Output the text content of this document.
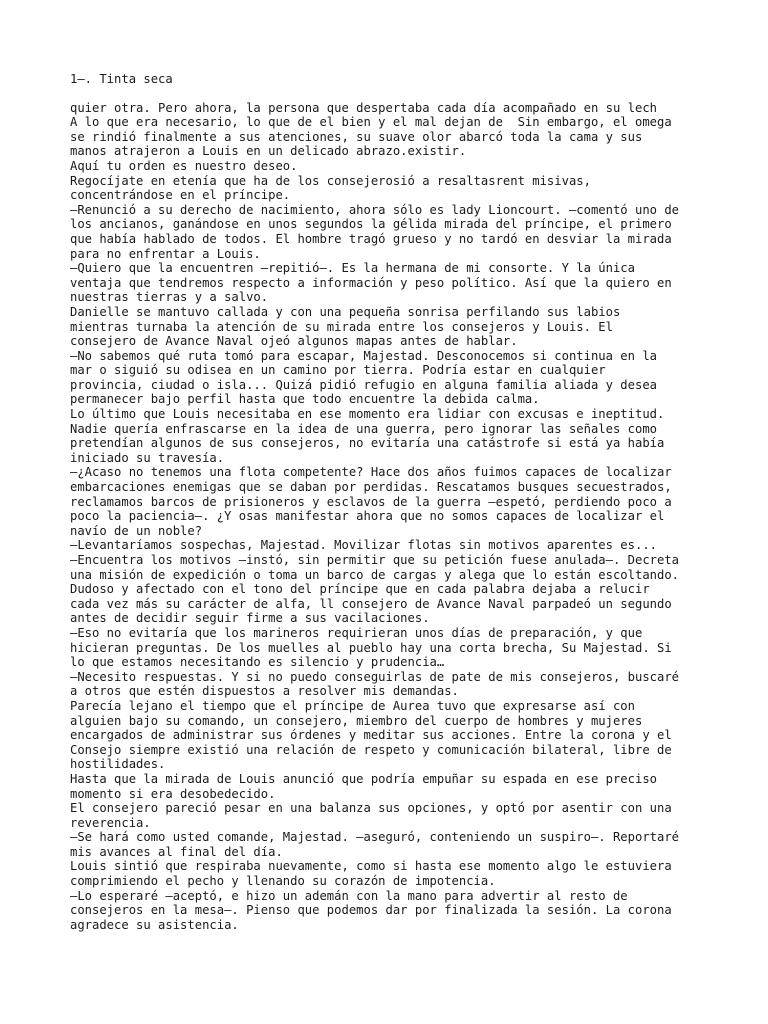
1—. Tinta seca
quier otra. Pero ahora, la persona que despertaba cada día acompañado en su lech
A lo que era necesario, lo que de el bien y el mal dejan de  Sin embargo, el omega
se rindió finalmente a sus atenciones, su suave olor abarcó toda la cama y sus
manos atrajeron a Louis en un delicado abrazo.existir.
Aquí tu orden es nuestro deseo.
Regocíjate en etenía que ha de los consejerosió a resaltasrent misivas,
concentrándose en el príncipe.
—Renunció a su derecho de nacimiento, ahora sólo es lady Lioncourt. —comentó uno de
los ancianos, ganándose en unos segundos la gélida mirada del príncipe, el primero
que había hablado de todos. El hombre tragó grueso y no tardó en desviar la mirada
para no enfrentar a Louis.
—Quiero que la encuentren —repitió—. Es la hermana de mi consorte. Y la única
ventaja que tendremos respecto a información y peso político. Así que la quiero en
nuestras tierras y a salvo.
Danielle se mantuvo callada y con una pequeña sonrisa perfilando sus labios
mientras turnaba la atención de su mirada entre los consejeros y Louis. El
consejero de Avance Naval ojeó algunos mapas antes de hablar.
—No sabemos qué ruta tomó para escapar, Majestad. Desconocemos si continua en la
mar o siguió su odisea en un camino por tierra. Podría estar en cualquier
provincia, ciudad o isla... Quizá pidió refugio en alguna familia aliada y desea
permanecer bajo perfil hasta que todo encuentre la debida calma.
Lo último que Louis necesitaba en ese momento era lidiar con excusas e ineptitud.
Nadie quería enfrascarse en la idea de una guerra, pero ignorar las señales como
pretendían algunos de sus consejeros, no evitaría una catástrofe si está ya había
iniciado su travesía.
—¿Acaso no tenemos una flota competente? Hace dos años fuimos capaces de localizar
embarcaciones enemigas que se daban por perdidas. Rescatamos busques secuestrados,
reclamamos barcos de prisioneros y esclavos de la guerra —espetó, perdiendo poco a
poco la paciencia—. ¿Y osas manifestar ahora que no somos capaces de localizar el
navío de un noble?
—Levantaríamos sospechas, Majestad. Movilizar flotas sin motivos aparentes es...
—Encuentra los motivos —instó, sin permitir que su petición fuese anulada—. Decreta
una misión de expedición o toma un barco de cargas y alega que lo están escoltando.
Dudoso y afectado con el tono del príncipe que en cada palabra dejaba a relucir
cada vez más su carácter de alfa, ll consejero de Avance Naval parpadeó un segundo
antes de decidir seguir firme a sus vacilaciones.
—Eso no evitaría que los marineros requirieran unos días de preparación, y que
hicieran preguntas. De los muelles al pueblo hay una corta brecha, Su Majestad. Si
lo que estamos necesitando es silencio y prudencia…
—Necesito respuestas. Y si no puedo conseguirlas de pate de mis consejeros, buscaré
a otros que estén dispuestos a resolver mis demandas.
Parecía lejano el tiempo que el príncipe de Aurea tuvo que expresarse así con
alguien bajo su comando, un consejero, miembro del cuerpo de hombres y mujeres
encargados de administrar sus órdenes y meditar sus acciones. Entre la corona y el
Consejo siempre existió una relación de respeto y comunicación bilateral, libre de
hostilidades.
Hasta que la mirada de Louis anunció que podría empuñar su espada en ese preciso
momento si era desobedecido.
El consejero pareció pesar en una balanza sus opciones, y optó por asentir con una
reverencia.
—Se hará como usted comande, Majestad. —aseguró, conteniendo un suspiro—. Reportaré
mis avances al final del día.
Louis sintió que respiraba nuevamente, como si hasta ese momento algo le estuviera
comprimiendo el pecho y llenando su corazón de impotencia.
—Lo esperaré —aceptó, e hizo un ademán con la mano para advertir al resto de
consejeros en la mesa—. Pienso que podemos dar por finalizada la sesión. La corona
agradece su asistencia.
